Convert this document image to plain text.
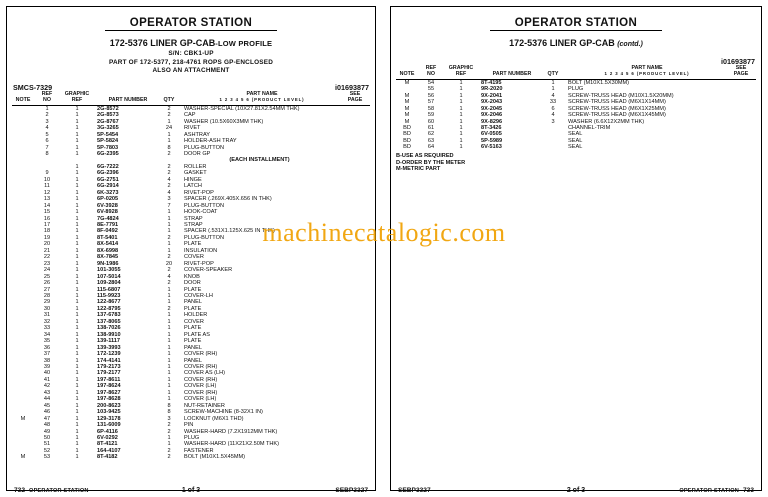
OPERATOR STATION
172-5376 LINER GP-CAB-LOW PROFILE
S/N: CBK1-UP
PART OF 172-5377, 218-4761 ROPS GP-ENCLOSED
ALSO AN ATTACHMENT
SMCS-7329	i01693877
NOTE	REF
NO	GRAPHIC
REF	PART NUMBER	QTY	PART NAME
1 2 3 4 5 6 (PRODUCT LEVEL)	SEE
PAGE

	1	1	2G-8572	2	WASHER-SPECIAL (10X27.81X2.54MM THK)	
	2	1	2G-8573	2	CAP	
	3	1	2G-8767	1	WASHER (10.5X60X3MM THK)	
	4	1	3G-3265	24	RIVET	
	5	1	5P-5454	1	ASHTRAY	
	6	1	5P-5824	1	HOLDER-ASH TRAY	
	7	1	5P-7803	8	PLUG-BUTTON	
	8	1	6G-2395	2	DOOR GP	
					(EACH INSTALLMENT)	
		1	6G-7222	2	ROLLER	
	9	1	6G-2396	2	GASKET	
	10	1	6G-2751	4	HINGE	
	11	1	6G-2914	2	LATCH	
	12	1	6K-3273	4	RIVET-POP	
	13	1	6P-0205	3	SPACER (.269X.405X.656 IN THK)	
	14	1	6V-3928	7	PLUG-BUTTON	
	15	1	6V-8928	1	HOOK-COAT	
	16	1	7G-4824	1	STRAP	
	17	1	8E-7791	1	STRAP	
	18	1	8F-0492	1	SPACER (.531X1.125X.625 IN THK)	
	19	1	8T-5401	2	PLUG-BUTTON	
	20	1	8X-5414	1	PLATE	
	21	1	8X-6998	1	INSULATION	
	22	1	8X-7845	2	COVER	
	23	1	9N-1986	20	RIVET-POP	
	24	1	101-3055	2	COVER-SPEAKER	
	25	1	107-5014	4	KNOB	
	26	1	109-2804	2	DOOR	
	27	1	115-6807	1	PLATE	
	28	1	115-9923	1	COVER-LH	
	29	1	122-8677	1	PANEL	
	30	1	122-8795	2	PLATE	
	31	1	137-6783	1	HOLDER	
	32	1	137-8065	1	COVER	
	33	1	138-7026	1	PLATE	
	34	1	138-9910	1	PLATE AS	
	35	1	139-1117	1	PLATE	
	36	1	139-3993	1	PANEL	
	37	1	172-1239	1	COVER (RH)	
	38	1	174-4141	1	PANEL	
	39	1	179-2173	1	COVER (RH)	
	40	1	179-2177	1	COVER AS (LH)	
	41	1	197-8611	1	COVER (RH)	
	42	1	197-8624	1	COVER (LH)	
	43	1	197-8627	1	COVER (RH)	
	44	1	197-8628	1	COVER (LH)	
	45	1	200-8623	8	NUT-RETAINER	
	46	1	103-9425	8	SCREW-MACHINE (8-32X1 IN)	
M	47	1	129-3178	3	LOCKNUT (M6X1 THD)	
	48	1	131-6009	2	PIN	
	49	1	6P-4116	2	WASHER-HARD (7.2X1912MM THK)	
	50	1	6V-0292	1	PLUG	
	51	1	8T-4121	1	WASHER-HARD (11X21X2.50M THK)	
	52	1	164-4107	2	FASTENER	
M	53	1	8T-4182	2	BOLT (M10X1.5X45MM)	
732 OPERATOR STATION	1 of 3	SEBP3327
OPERATOR STATION
172-5376 LINER GP-CAB (contd.)
i01693877
NOTE	REF
NO	GRAPHIC
REF	PART NUMBER	QTY	PART NAME
1 2 3 4 5 6 (PRODUCT LEVEL)	SEE
PAGE

M	54	1	8T-4195	1	BOLT (M10X1.5X30MM)	
	55	1	9R-2020	1	PLUG	
M	56	1	9X-2041	4	SCREW-TRUSS HEAD (M10X1.5X20MM)	
M	57	1	9X-2043	33	SCREW-TRUSS HEAD (M6X1X14MM)	
M	58	1	9X-2045	6	SCREW-TRUSS HEAD (M6X1X25MM)	
M	59	1	9X-2046	4	SCREW-TRUSS HEAD (M6X1X45MM)	
M	60	1	9X-8296	3	WASHER (6.6X12X2MM THK)	
BD	61	1	8T-3426		CHANNEL-TRIM	
BD	62	1	6V-0505		SEAL	
BD	63	1	5P-5989		SEAL	
BD	64	1	6V-5163		SEAL	
B-USE AS REQUIRED
D-ORDER BY THE METER
M-METRIC PART
SEBP3327	2 of 3	OPERATOR STATION 733
machinecatalogic.com
